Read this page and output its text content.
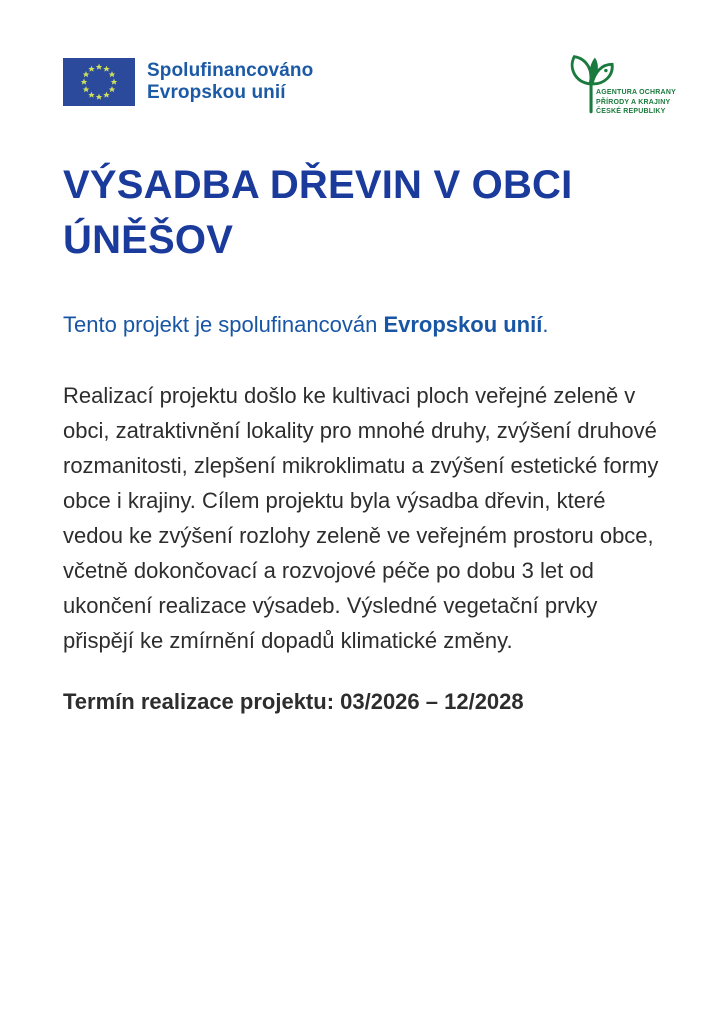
Spolufinancováno
Evropskou unií	AGENTURA OCHRANY
PŘÍRODY A KRAJINY
ČESKÉ REPUBLIKY
VÝSADBA DŘEVIN V OBCI ÚNĚŠOV

Tento projekt je spolufinancován Evropskou unií.

Realizací projektu došlo ke kultivaci ploch veřejné zeleně v obci, zatraktivnění lokality pro mnohé druhy, zvýšení druhové rozmanitosti, zlepšení mikroklimatu a zvýšení estetické formy obce i krajiny. Cílem projektu byla výsadba dřevin, které vedou ke zvýšení rozlohy zeleně ve veřejném prostoru obce, včetně dokončovací a rozvojové péče po dobu 3 let od ukončení realizace výsadeb. Výsledné vegetační prvky přispějí ke zmírnění dopadů klimatické změny.

Termín realizace projektu: 03/2026 – 12/2028
